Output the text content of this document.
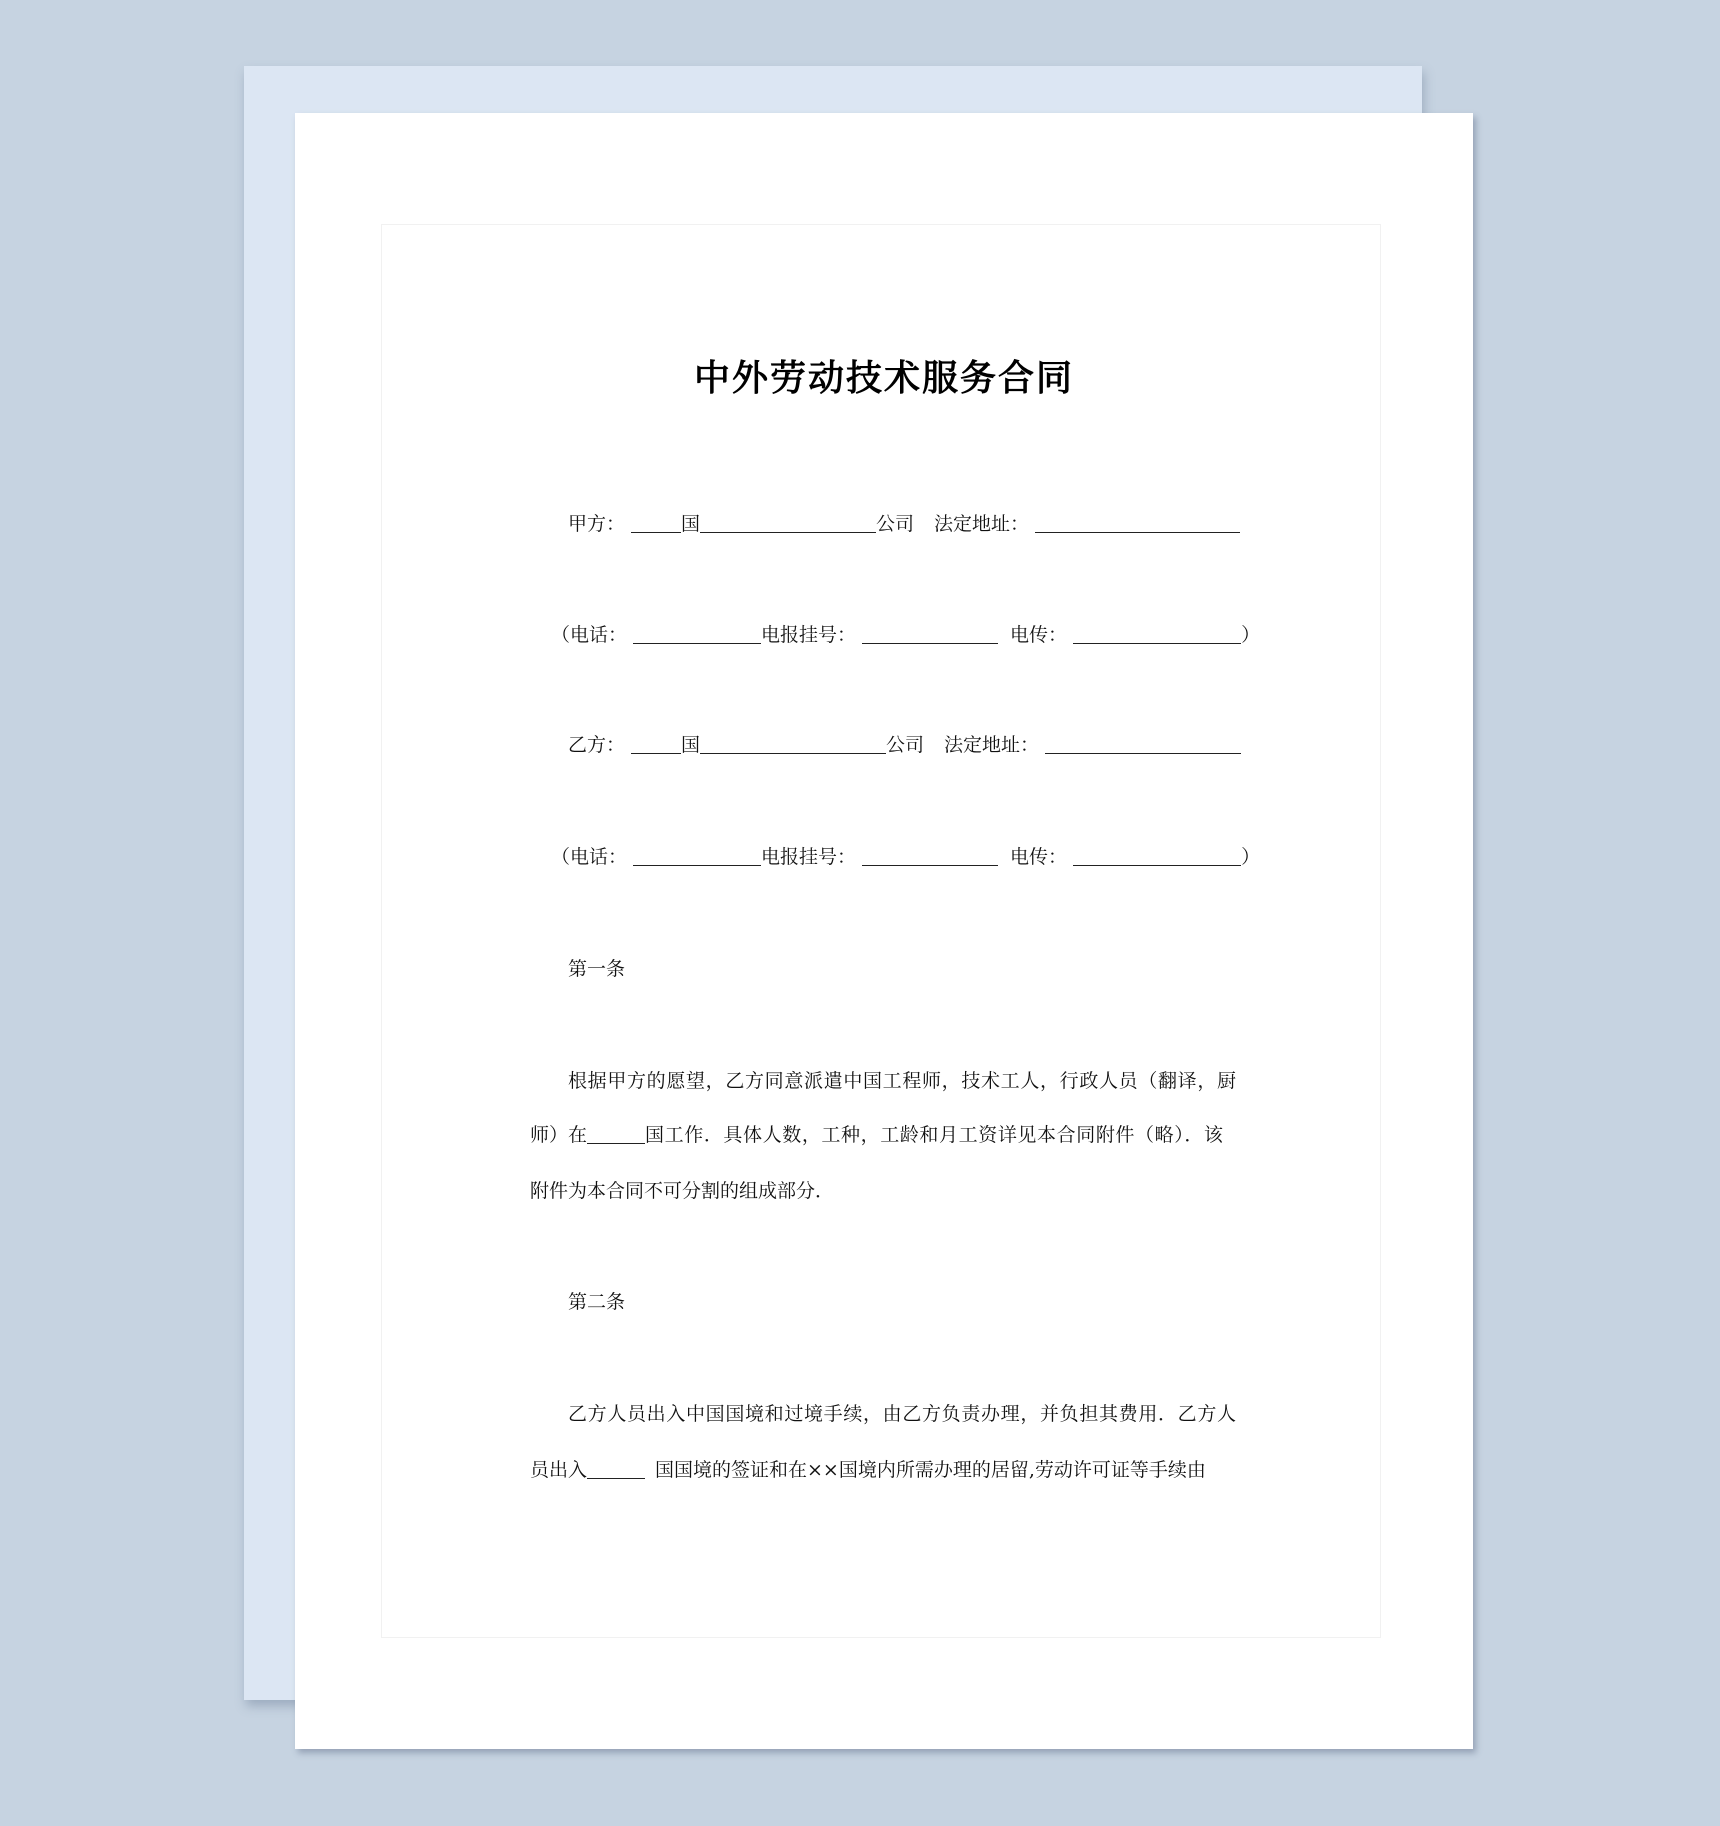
中外劳动技术服务合同
甲方：	国	公司 法定地址：
（电话：	电报挂号：	电传：	）
乙方：	国	公司 法定地址：
（电话：	电报挂号：	电传：	）
第一条
根据甲方的愿望，乙方同意派遣中国工程师，技术工人，行政人员（翻译，厨
师）在	国工作．具体人数，工种，工龄和月工资详见本合同附件（略）．该
附件为本合同不可分割的组成部分．
第二条
乙方人员出入中国国境和过境手续，由乙方负责办理，并负担其费用．乙方人
员出入	国国境的签证和在××国境内所需办理的居留,劳动许可证等手续由
